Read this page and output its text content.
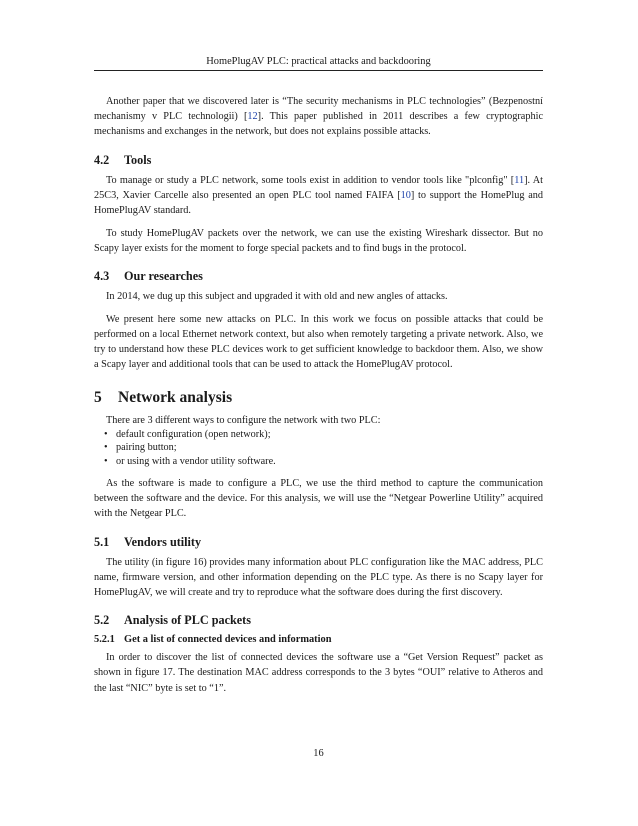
HomePlugAV PLC: practical attacks and backdooring

Another paper that we discovered later is “The security mechanisms in PLC technologies” (Bezpenostní mechanismy v PLC technologii) [12]. This paper published in 2011 describes a few cryptographic mechanisms and exchanges in the network, but does not explains possible attacks.

4.2 Tools

To manage or study a PLC network, some tools exist in addition to vendor tools like "plconfig" [11]. At 25C3, Xavier Carcelle also presented an open PLC tool named FAIFA [10] to support the HomePlug and HomePlugAV standard.

To study HomePlugAV packets over the network, we can use the existing Wireshark dissector. But no Scapy layer exists for the moment to forge special packets and to find bugs in the protocol.

4.3 Our researches

In 2014, we dug up this subject and upgraded it with old and new angles of attacks.

We present here some new attacks on PLC. In this work we focus on possible attacks that could be performed on a local Ethernet network context, but also when remotely targeting a private network. Also, we try to understand how these PLC devices work to get sufficient knowledge to backdoor them. Also, we show a Scapy layer and additional tools that can be used to attack the HomePlugAV protocol.

5 Network analysis

There are 3 different ways to configure the network with two PLC:

• default configuration (open network);
• pairing button;
• or using with a vendor utility software.

As the software is made to configure a PLC, we use the third method to capture the communication between the software and the device. For this analysis, we will use the “Netgear Powerline Utility” acquired with the Netgear PLC.

5.1 Vendors utility

The utility (in figure 16) provides many information about PLC configuration like the MAC address, PLC name, firmware version, and other information depending on the PLC type. As there is no Scapy layer for HomePlugAV, we will create and try to reproduce what the software does during the first discovery.

5.2 Analysis of PLC packets
5.2.1 Get a list of connected devices and information

In order to discover the list of connected devices the software use a “Get Version Request” packet as shown in figure 17. The destination MAC address corresponds to the 3 bytes “OUI” relative to Atheros and the last “NIC” byte is set to “1”.

16
